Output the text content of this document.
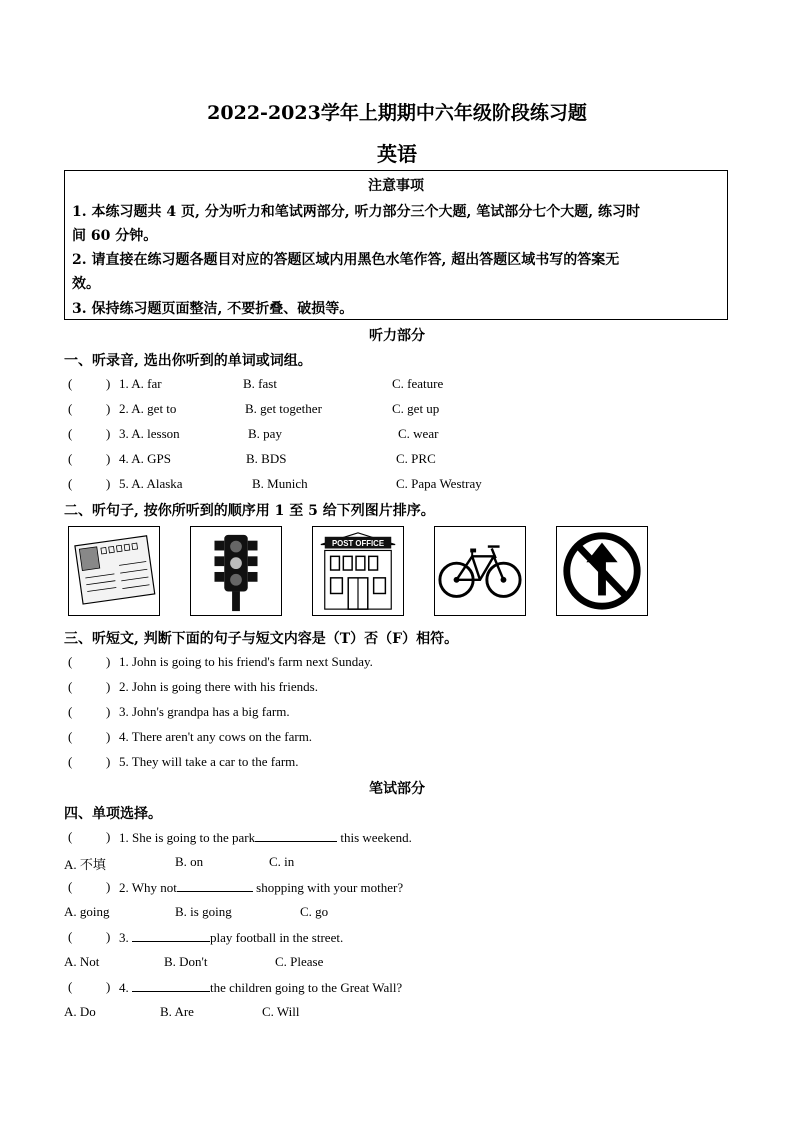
2022-2023学年上期期中六年级阶段练习题
英语
注意事项
1. 本练习题共 4 页, 分为听力和笔试两部分, 听力部分三个大题, 笔试部分七个大题, 练习时
间 60 分钟。
2. 请直接在练习题各题目对应的答题区域内用黑色水笔作答, 超出答题区域书写的答案无
效。
3. 保持练习题页面整洁, 不要折叠、破损等。
听力部分
一、听录音, 选出你听到的单词或词组。
(	) 1. A. far	B. fast	C. feature
(	) 2. A. get to	B. get together	C. get up
(	) 3. A. lesson	B. pay	C. wear
(	) 4. A. GPS	B. BDS	C. PRC
(	) 5. A. Alaska	B. Munich	C. Papa Westray
二、听句子, 按你所听到的顺序用 1 至 5 给下列图片排序。
POST OFFICE
三、听短文, 判断下面的句子与短文内容是（T）否（F）相符。
(	) 1. John is going to his friend's farm next Sunday.
(	) 2. John is going there with his friends.
(	) 3. John's grandpa has a big farm.
(	) 4. There aren't any cows on the farm.
(	) 5. They will take a car to the farm.
笔试部分
四、单项选择。
(	) 1. She is going to the park	this weekend.
A. 不填	B. on	C. in
(	) 2. Why not	shopping with your mother?
A. going	B. is going	C. go
(	) 3.	play football in the street.
A. Not	B. Don't	C. Please
(	) 4.	the children going to the Great Wall?
A. Do	B. Are	C. Will
